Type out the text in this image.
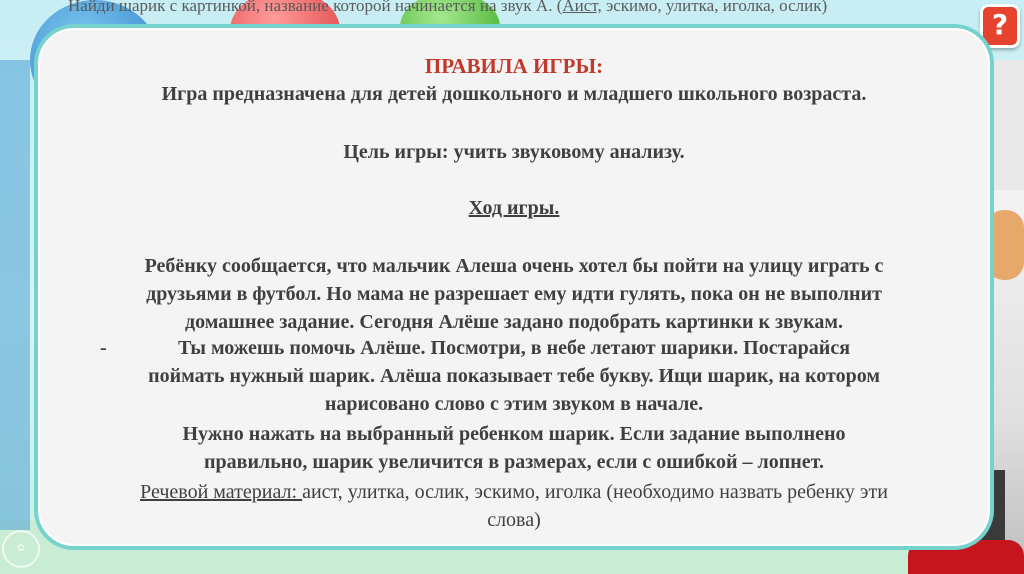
✿
Найди шарик с картинкой, название которой начинается на звук А. (Аист, эскимо, улитка, иголка, ослик)
?
ПРАВИЛА ИГРЫ:
Игра предназначена для детей дошкольного и младшего школьного возраста.
Цель игры: учить звуковому анализу.
Ход игры.
Ребёнку сообщается, что мальчик Алеша очень хотел бы пойти на улицу играть с
друзьями в футбол. Но мама не разрешает ему идти гулять, пока он не выполнит
домашнее задание. Сегодня Алёше задано подобрать картинки к звукам.
-	Ты можешь помочь Алёше. Посмотри, в небе летают шарики. Постарайся
поймать нужный шарик. Алёша показывает тебе букву. Ищи шарик, на котором
нарисовано слово с этим звуком в начале.
Нужно нажать на выбранный ребенком шарик. Если задание выполнено
правильно, шарик увеличится в размерах, если с ошибкой – лопнет.
Речевой материал: аист, улитка, ослик, эскимо, иголка (необходимо назвать ребенку эти
слова)
